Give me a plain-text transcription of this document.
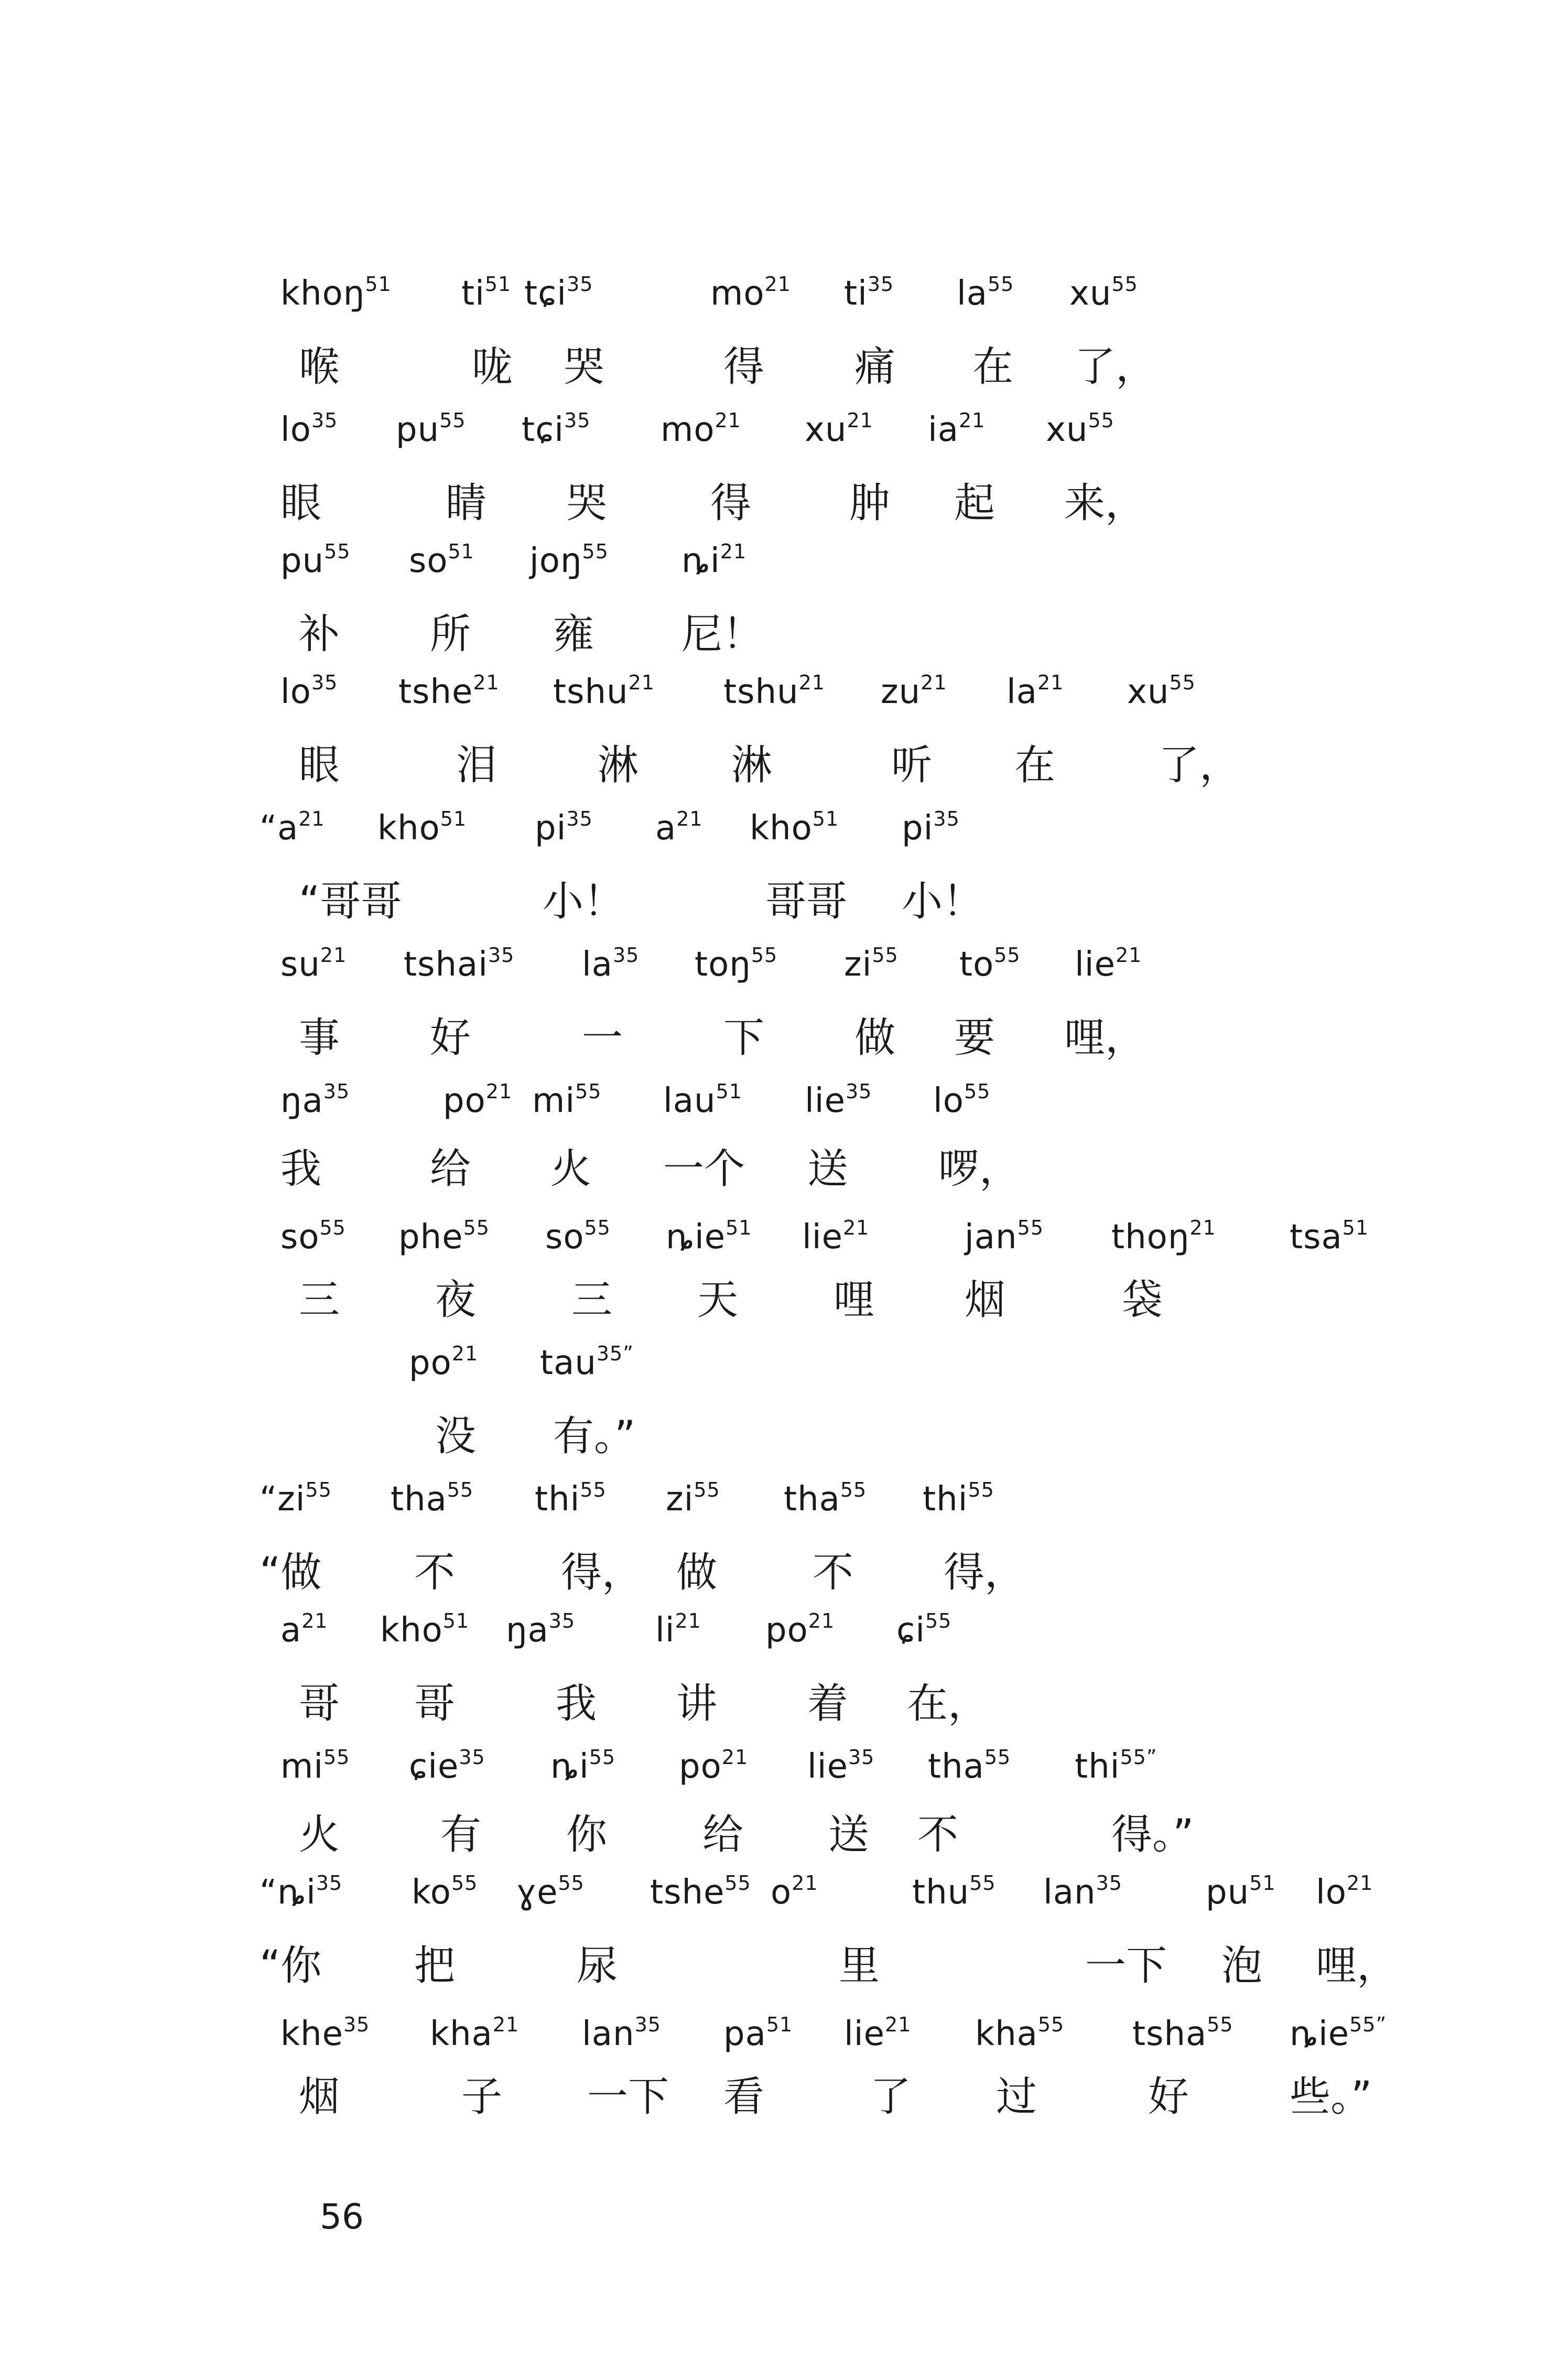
khoŋ$^{51}$ $ti^{51}$ tɕi$^{35}$	$mo^{21}$ $ti^{35}$ $la^{55}$ $xu^{55}$
喉	咙 哭	得 痛 在 了，
$lo^{35}$ $pu^{55}$ tɕi$^{35}$ $mo^{21}$ $xu^{21}$ $ia^{21}$ $xu^{55}$
眼	睛 哭	得 肿 起 来，
$pu^{55}$ $so^{51}$ joŋ$^{55}$ $ȵi^{21}$
补 所 雍 尼！
$lo^{35}$ tshe$^{21}$ tshu$^{21}$ tshu$^{21}$ $zu^{21}$ $la^{21}$ $xu^{55}$
眼	泪 淋 淋	听 在	了，
“$a^{21}$ kho$^{51}$ $pi^{35}$ $a^{21}$ kho$^{51}$ $pi^{35}$
“哥哥	小！	哥哥 小！
$su^{21}$ tshai$^{35}$ $la^{35}$ toŋ$^{55}$ $zi^{55}$ $to^{55}$ lie$^{21}$
事 好	一 下 做 要 哩，
$ŋa^{35}$	$po^{21}$ $mi^{55}$ lau$^{51}$ lie$^{35}$ $lo^{55}$
我	给 火 一个 送 啰，
$so^{55}$ phe$^{55}$ $so^{55}$ ȵie$^{51}$ lie$^{21}$	jan$^{55}$ thoŋ$^{21}$ tsa$^{51}$
三 夜 三 天 哩 烟	袋
$po^{21}$ tau$^{35”}$
没 有。”
“$zi^{55}$ tha$^{55}$ thi$^{55}$ $zi^{55}$ tha$^{55}$ thi$^{55}$
“做 不	得， 做 不 得，
$a^{21}$ kho$^{51}$ $ŋa^{35}$ $li^{21}$ $po^{21}$ ɕi$^{55}$
哥 哥 我 讲 着 在，
$mi^{55}$ ɕie$^{35}$ $ȵi^{55}$ $po^{21}$ lie$^{35}$ tha$^{55}$ thi$^{55”}$
火 有 你 给 送 不	得。”
“$ȵi^{35}$ $ko^{55}$ ɣe$^{55}$ tshe$^{55}$ $o^{21}$	thu$^{55}$ lan$^{35}$ $pu^{51}$ $lo^{21}$
“你 把	尿	里	一下 泡 哩，
khe$^{35}$ kha$^{21}$ lan$^{35}$ $pa^{51}$ lie$^{21}$ kha$^{55}$ tsha$^{55}$ ȵie$^{55”}$
烟	子 一下 看	了 过	好 些。”
56
